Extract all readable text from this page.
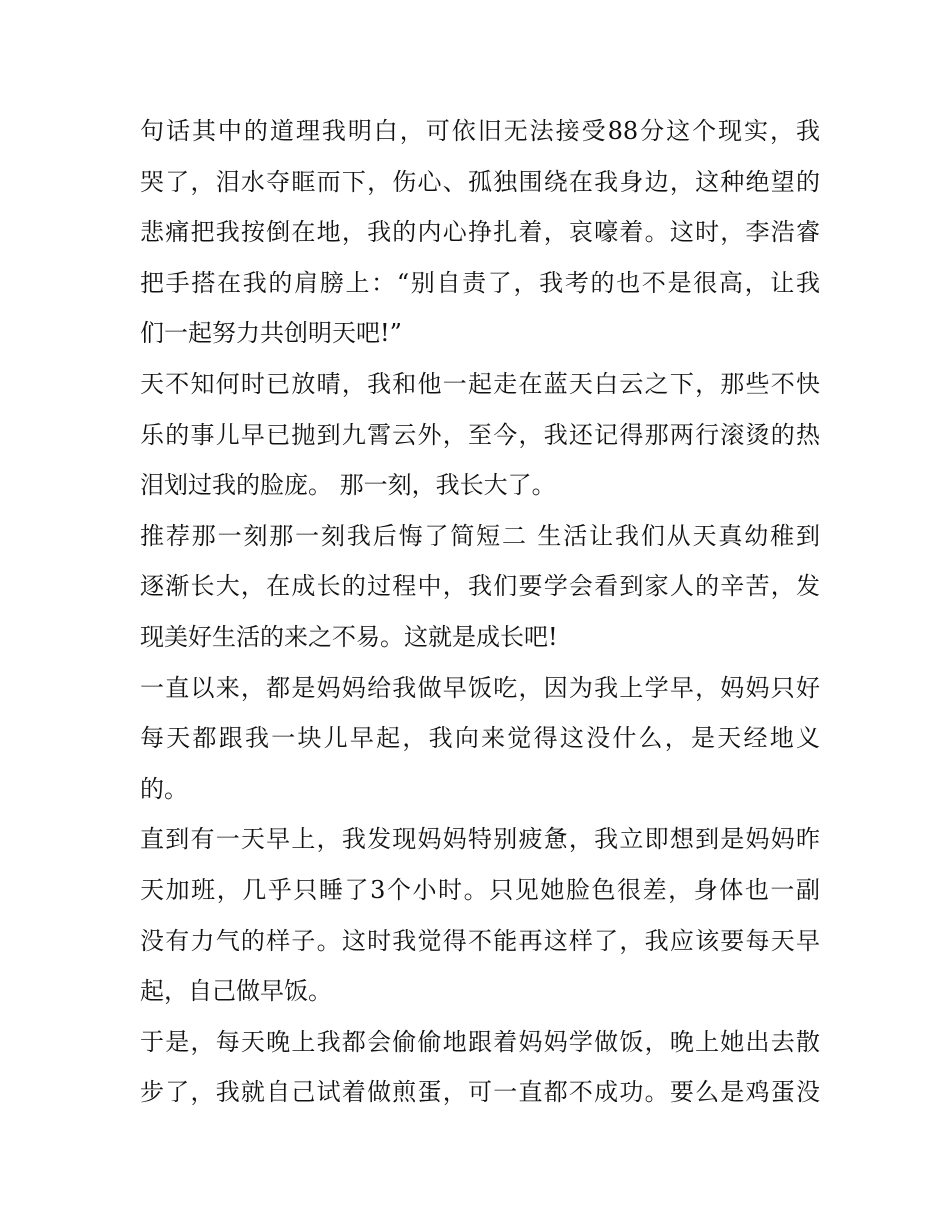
句话其中的道理我明白，可依旧无法接受88分这个现实，我
哭了，泪水夺眶而下，伤心、孤独围绕在我身边，这种绝望的
悲痛把我按倒在地，我的内心挣扎着，哀嚎着。这时，李浩睿
把手搭在我的肩膀上：“别自责了，我考的也不是很高，让我
们一起努力共创明天吧!”
天不知何时已放晴，我和他一起走在蓝天白云之下，那些不快
乐的事儿早已抛到九霄云外，至今，我还记得那两行滚烫的热
泪划过我的脸庞。 那一刻，我长大了。
推荐那一刻那一刻我后悔了简短二 生活让我们从天真幼稚到
逐渐长大，在成长的过程中，我们要学会看到家人的辛苦，发
现美好生活的来之不易。这就是成长吧!
一直以来，都是妈妈给我做早饭吃，因为我上学早，妈妈只好
每天都跟我一块儿早起，我向来觉得这没什么，是天经地义
的。
直到有一天早上，我发现妈妈特别疲惫，我立即想到是妈妈昨
天加班，几乎只睡了3个小时。只见她脸色很差，身体也一副
没有力气的样子。这时我觉得不能再这样了，我应该要每天早
起，自己做早饭。
于是，每天晚上我都会偷偷地跟着妈妈学做饭，晚上她出去散
步了，我就自己试着做煎蛋，可一直都不成功。要么是鸡蛋没
